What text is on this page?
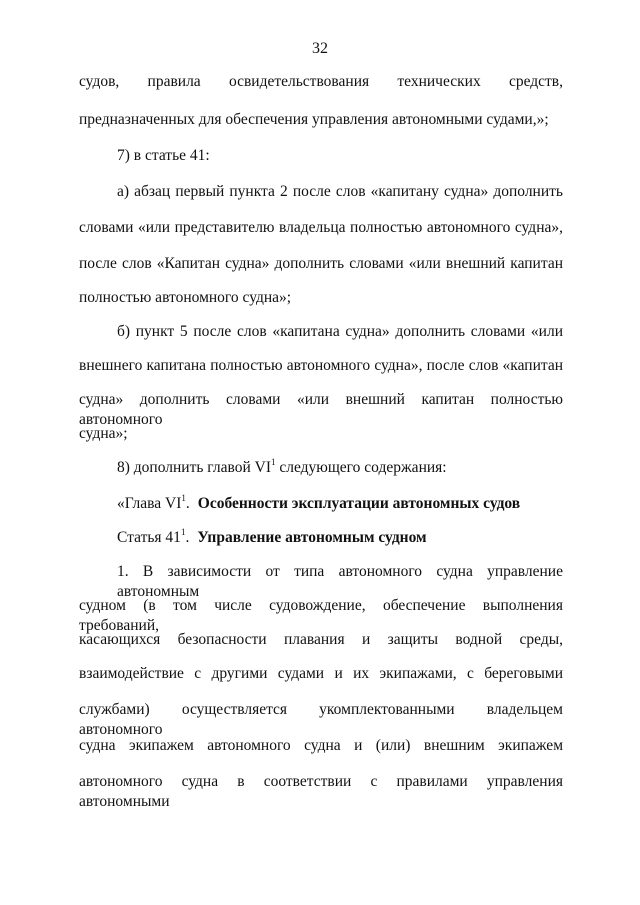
32
судов, правила освидетельствования технических средств,
предназначенных для обеспечения управления автономными судами,»;
7) в статье 41:
а) абзац первый пункта 2 после слов «капитану судна» дополнить
словами «или представителю владельца полностью автономного судна»,
после слов «Капитан судна» дополнить словами «или внешний капитан
полностью автономного судна»;
б) пункт 5 после слов «капитана судна» дополнить словами «или
внешнего капитана полностью автономного судна», после слов «капитан
судна» дополнить словами «или внешний капитан полностью автономного
судна»;
8) дополнить главой $VI^1$ следующего содержания:
«Глава $VI^1$. Особенности эксплуатации автономных судов
Статья $41^1$. Управление автономным судном
1. В зависимости от типа автономного судна управление автономным
судном (в том числе судовождение, обеспечение выполнения требований,
касающихся безопасности плавания и защиты водной среды,
взаимодействие с другими судами и их экипажами, с береговыми
службами) осуществляется укомплектованными владельцем автономного
судна экипажем автономного судна и (или) внешним экипажем
автономного судна в соответствии с правилами управления автономными
